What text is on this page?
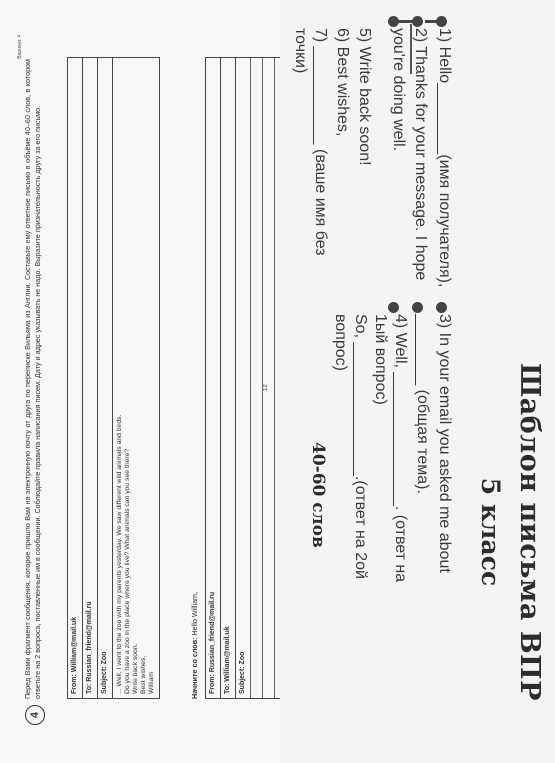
Вариант 4
4
Перед Вами фрагмент сообщения, которое пришло Вам на электронную почту от друга по переписке Вильяма из Англии. Составьте ему ответное письмо в объёме 40–60 слов, в котором ответьте на 2 вопроса, поставленные им в сообщении. Соблюдайте правила написания писем. Дату и адрес указывать не надо. Выразите признательность другу за его письмо.	From: William@mail.uk	To: Russian_friend@mail.ru	Subject: Zoo	... Well, I went to the zoo with my parents yesterday. We saw different wild animals and birds. Do you have a zoo in the place where you live? What animals can you see there? Write back soon. Best wishes, William	Начните со слов: Hello William,	From: Russian_friend@mail.ru	To: William@mail.uk	Subject: Zoo
12	Шаблон письма ВПР
5 класс
1) Hello________(имя получателя),
2) Thanks for your message. I hope
you're doing well.
3) In your email you asked me about
________ (общая тема).
4) Well, _______________. (ответ на
1ый вопрос)
So, _______________.(ответ на 2ой
вопрос)
5) Write back soon!
6) Best wishes,
7) ___________ (ваше имя без
точки)
40-60 слов
